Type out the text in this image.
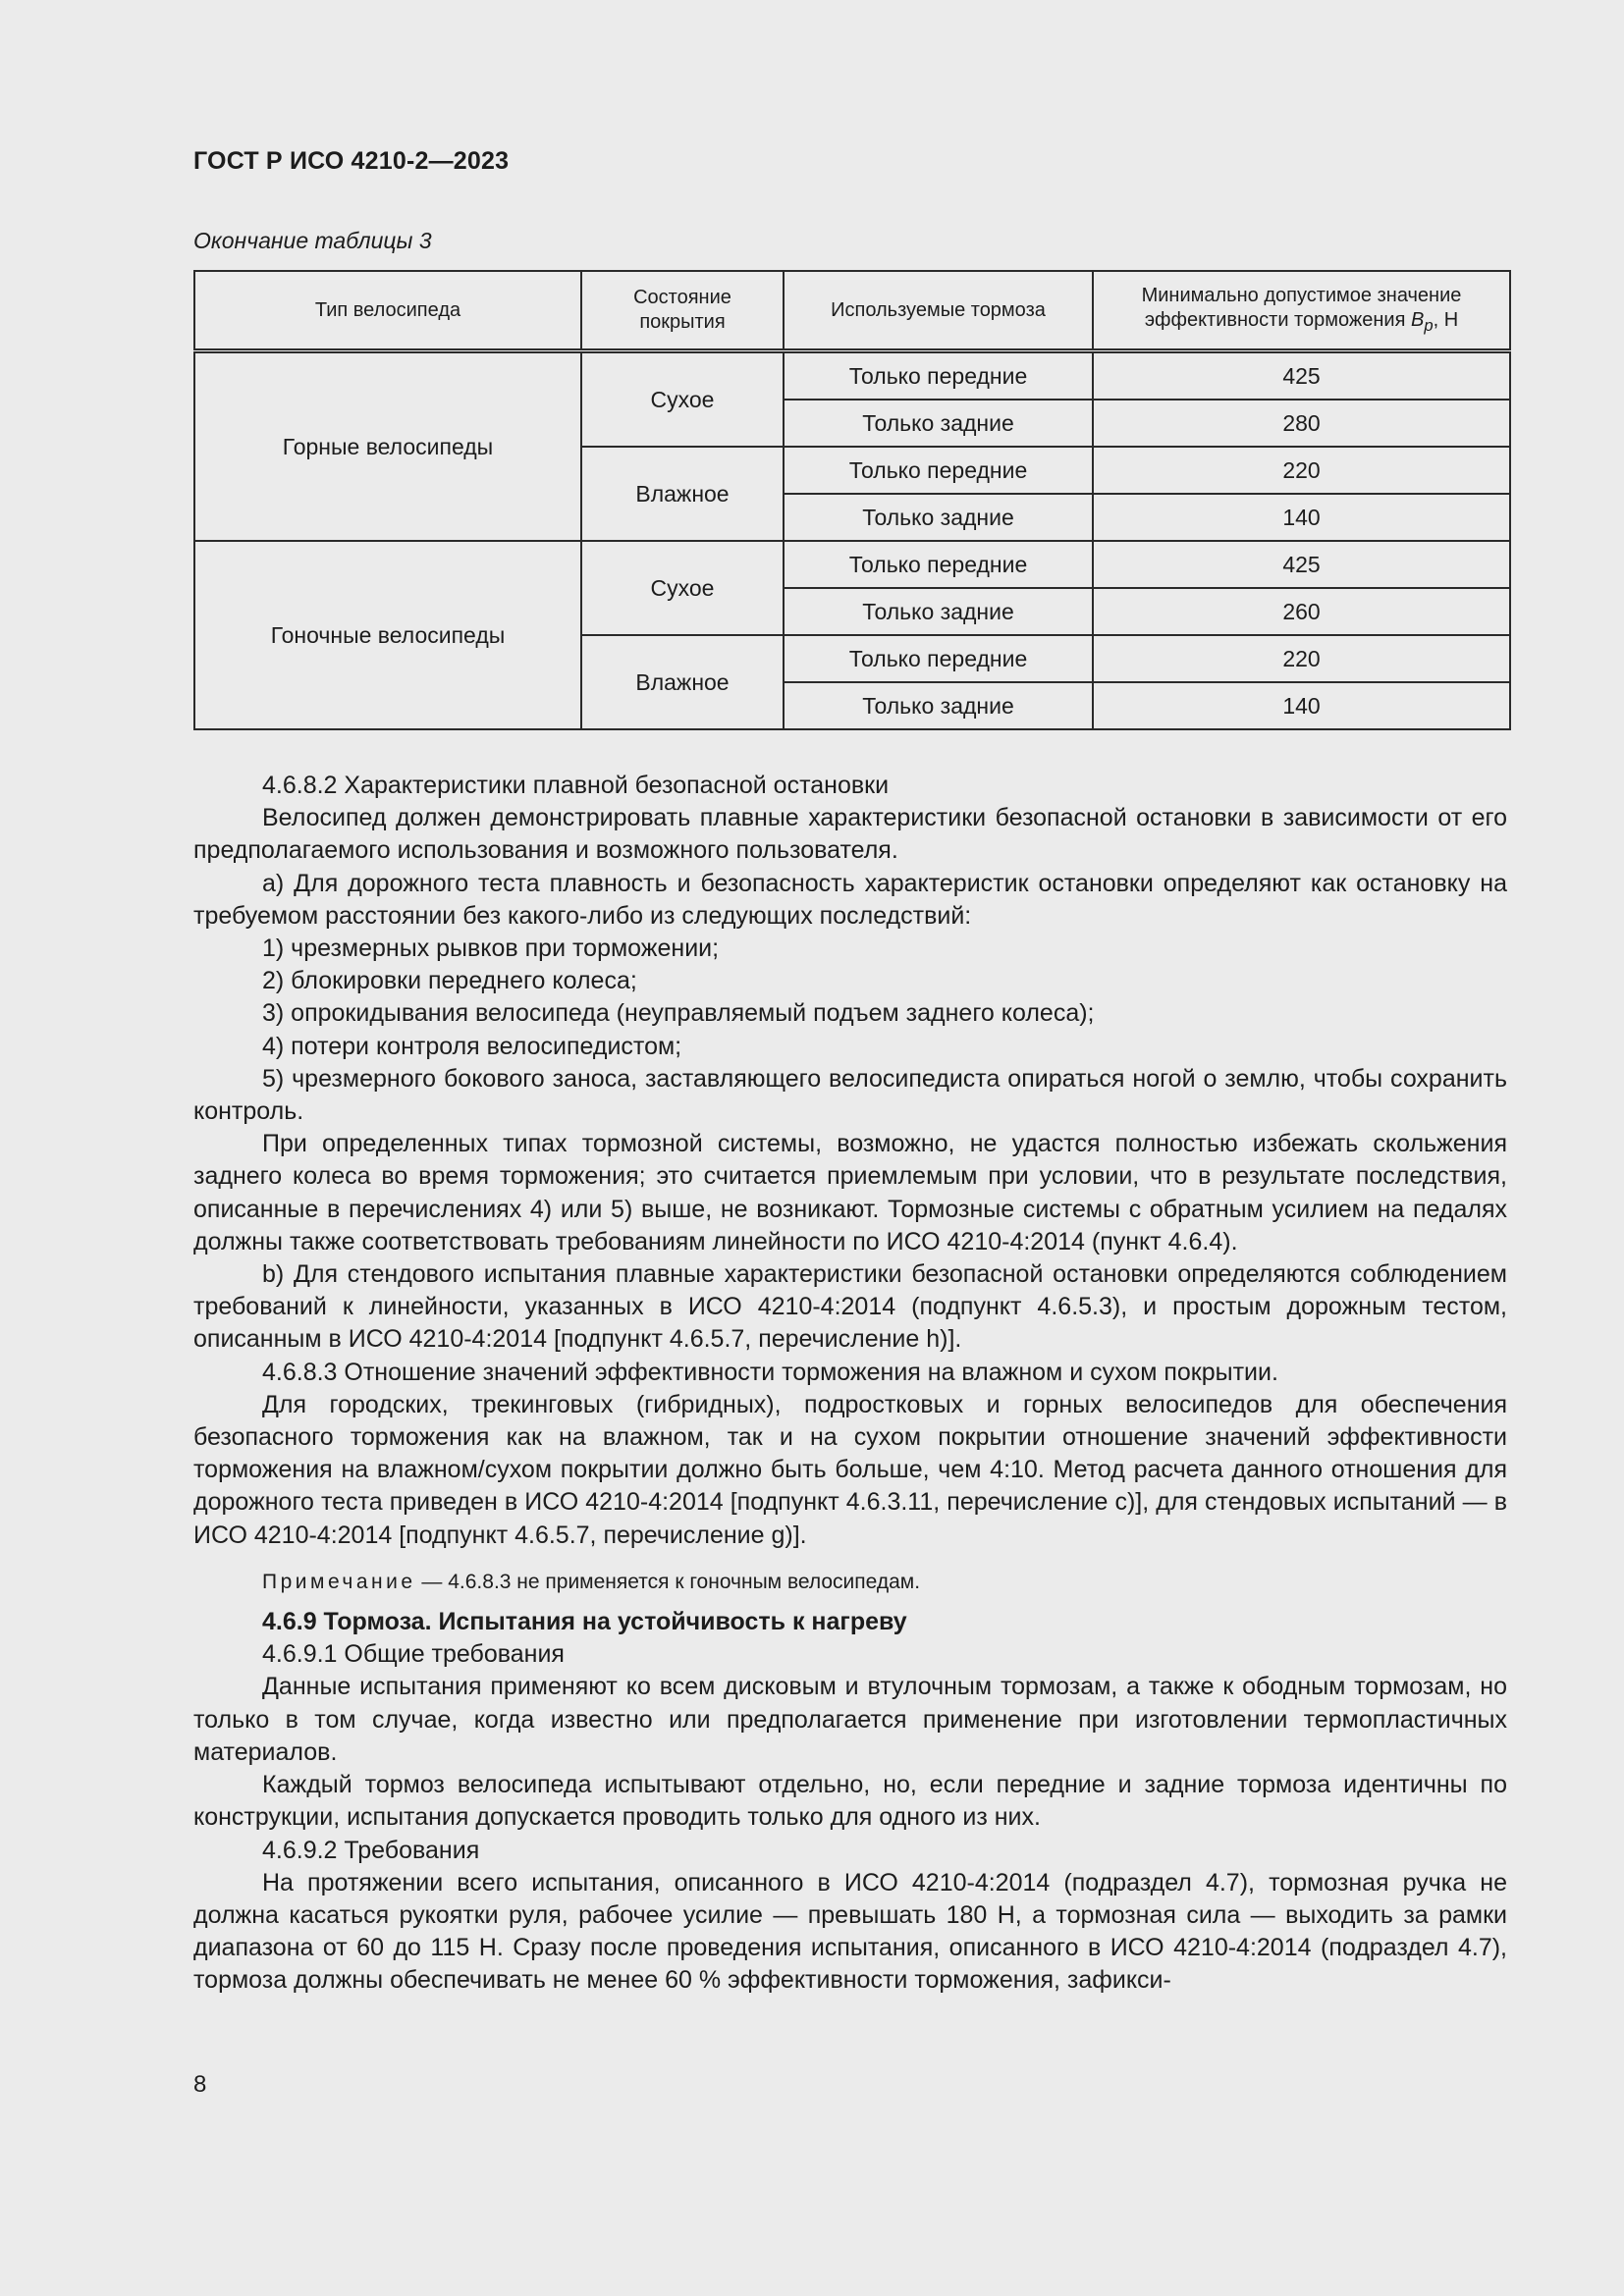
ГОСТ Р ИСО 4210-2—2023
Окончание таблицы 3
Тип велосипеда	Состояние покрытия	Используемые тормоза	Минимально допустимое значение эффективности торможения $B_p$, Н
Горные велосипеды	Сухое	Только передние	425
		Только задние	280
	Влажное	Только передние	220
		Только задние	140
Гоночные велосипеды	Сухое	Только передние	425
		Только задние	260
	Влажное	Только передние	220
		Только задние	140

4.6.8.2 Характеристики плавной безопасной остановки

Велосипед должен демонстрировать плавные характеристики безопасной остановки в зависимости от его предполагаемого использования и возможного пользователя.

а) Для дорожного теста плавность и безопасность характеристик остановки определяют как остановку на требуемом расстоянии без какого-либо из следующих последствий:

1) чрезмерных рывков при торможении;

2) блокировки переднего колеса;

3) опрокидывания велосипеда (неуправляемый подъем заднего колеса);

4) потери контроля велосипедистом;

5) чрезмерного бокового заноса, заставляющего велосипедиста опираться ногой о землю, чтобы сохранить контроль.

При определенных типах тормозной системы, возможно, не удастся полностью избежать скольжения заднего колеса во время торможения; это считается приемлемым при условии, что в результате последствия, описанные в перечислениях 4) или 5) выше, не возникают. Тормозные системы с обратным усилием на педалях должны также соответствовать требованиям линейности по ИСО 4210-4:2014 (пункт 4.6.4).

b) Для стендового испытания плавные характеристики безопасной остановки определяются соблюдением требований к линейности, указанных в ИСО 4210-4:2014 (подпункт 4.6.5.3), и простым дорожным тестом, описанным в ИСО 4210-4:2014 [подпункт 4.6.5.7, перечисление h)].

4.6.8.3 Отношение значений эффективности торможения на влажном и сухом покрытии.

Для городских, трекинговых (гибридных), подростковых и горных велосипедов для обеспечения безопасного торможения как на влажном, так и на сухом покрытии отношение значений эффективности торможения на влажном/сухом покрытии должно быть больше, чем 4:10. Метод расчета данного отношения для дорожного теста приведен в ИСО 4210-4:2014 [подпункт 4.6.3.11, перечисление с)], для стендовых испытаний — в ИСО 4210-4:2014 [подпункт 4.6.5.7, перечисление g)].

Примечание — 4.6.8.3 не применяется к гоночным велосипедам.

4.6.9 Тормоза. Испытания на устойчивость к нагреву

4.6.9.1 Общие требования

Данные испытания применяют ко всем дисковым и втулочным тормозам, а также к ободным тормозам, но только в том случае, когда известно или предполагается применение при изготовлении термопластичных материалов.

Каждый тормоз велосипеда испытывают отдельно, но, если передние и задние тормоза идентичны по конструкции, испытания допускается проводить только для одного из них.

4.6.9.2 Требования

На протяжении всего испытания, описанного в ИСО 4210-4:2014 (подраздел 4.7), тормозная ручка не должна касаться рукоятки руля, рабочее усилие — превышать 180 Н, а тормозная сила — выходить за рамки диапазона от 60 до 115 Н. Сразу после проведения испытания, описанного в ИСО 4210-4:2014 (подраздел 4.7), тормоза должны обеспечивать не менее 60 % эффективности торможения, зафикси-

8
